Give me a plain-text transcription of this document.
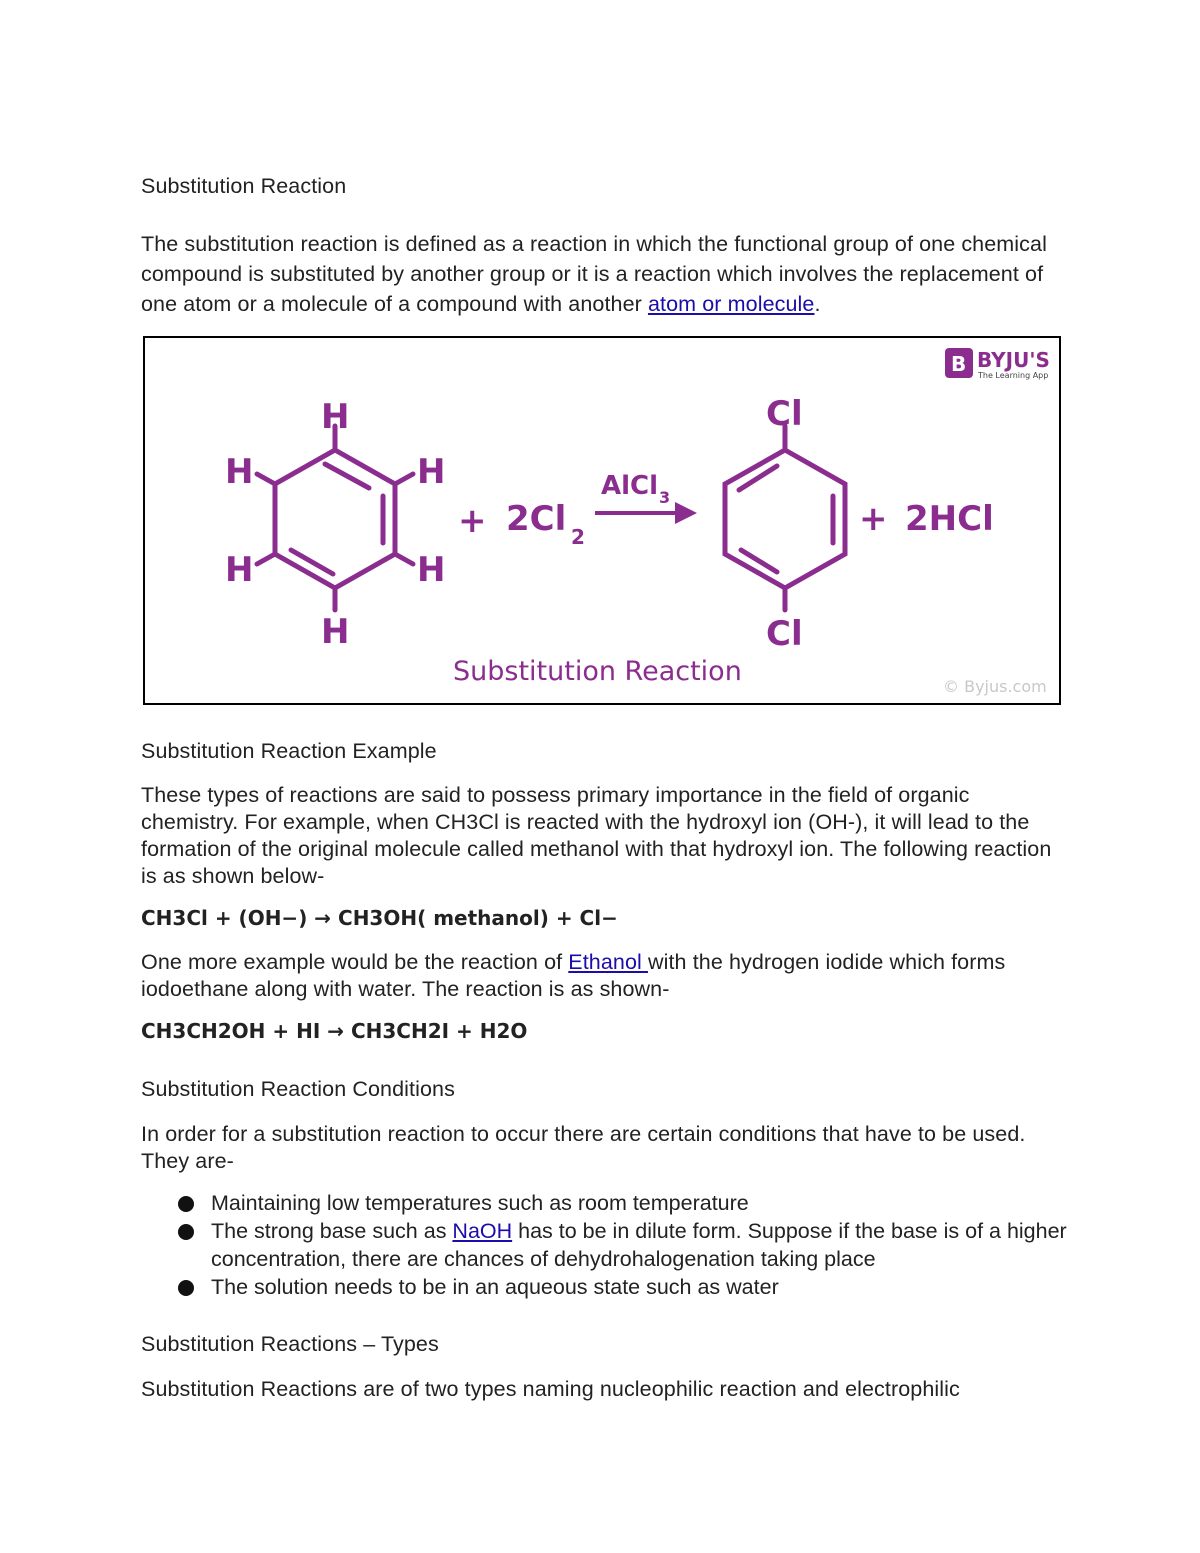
Substitution Reaction

The substitution reaction is defined as a reaction in which the functional group of one chemical compound is substituted by another group or it is a reaction which involves the replacement of one atom or a molecule of a compound with another atom or molecule.

B BYJU'S
The Learning App
H
H
H
H
H
H
+ 2Cl 2
AlCl 3
Cl
Cl
+ 2HCl
Substitution Reaction	© Byjus.com

Substitution Reaction Example

These types of reactions are said to possess primary importance in the field of organic chemistry. For example, when CH3Cl is reacted with the hydroxyl ion (OH-), it will lead to the formation of the original molecule called methanol with that hydroxyl ion. The following reaction is as shown below-

CH3Cl + (OH−) → CH3OH( methanol) + Cl−

One more example would be the reaction of Ethanol with the hydrogen iodide which forms iodoethane along with water. The reaction is as shown-

CH3CH2OH + HI → CH3CH2I + H2O

Substitution Reaction Conditions

In order for a substitution reaction to occur there are certain conditions that have to be used. They are-

Maintaining low temperatures such as room temperature
The strong base such as NaOH has to be in dilute form. Suppose if the base is of a higher concentration, there are chances of dehydrohalogenation taking place
The solution needs to be in an aqueous state such as water

Substitution Reactions – Types

Substitution Reactions are of two types naming nucleophilic reaction and electrophilic
